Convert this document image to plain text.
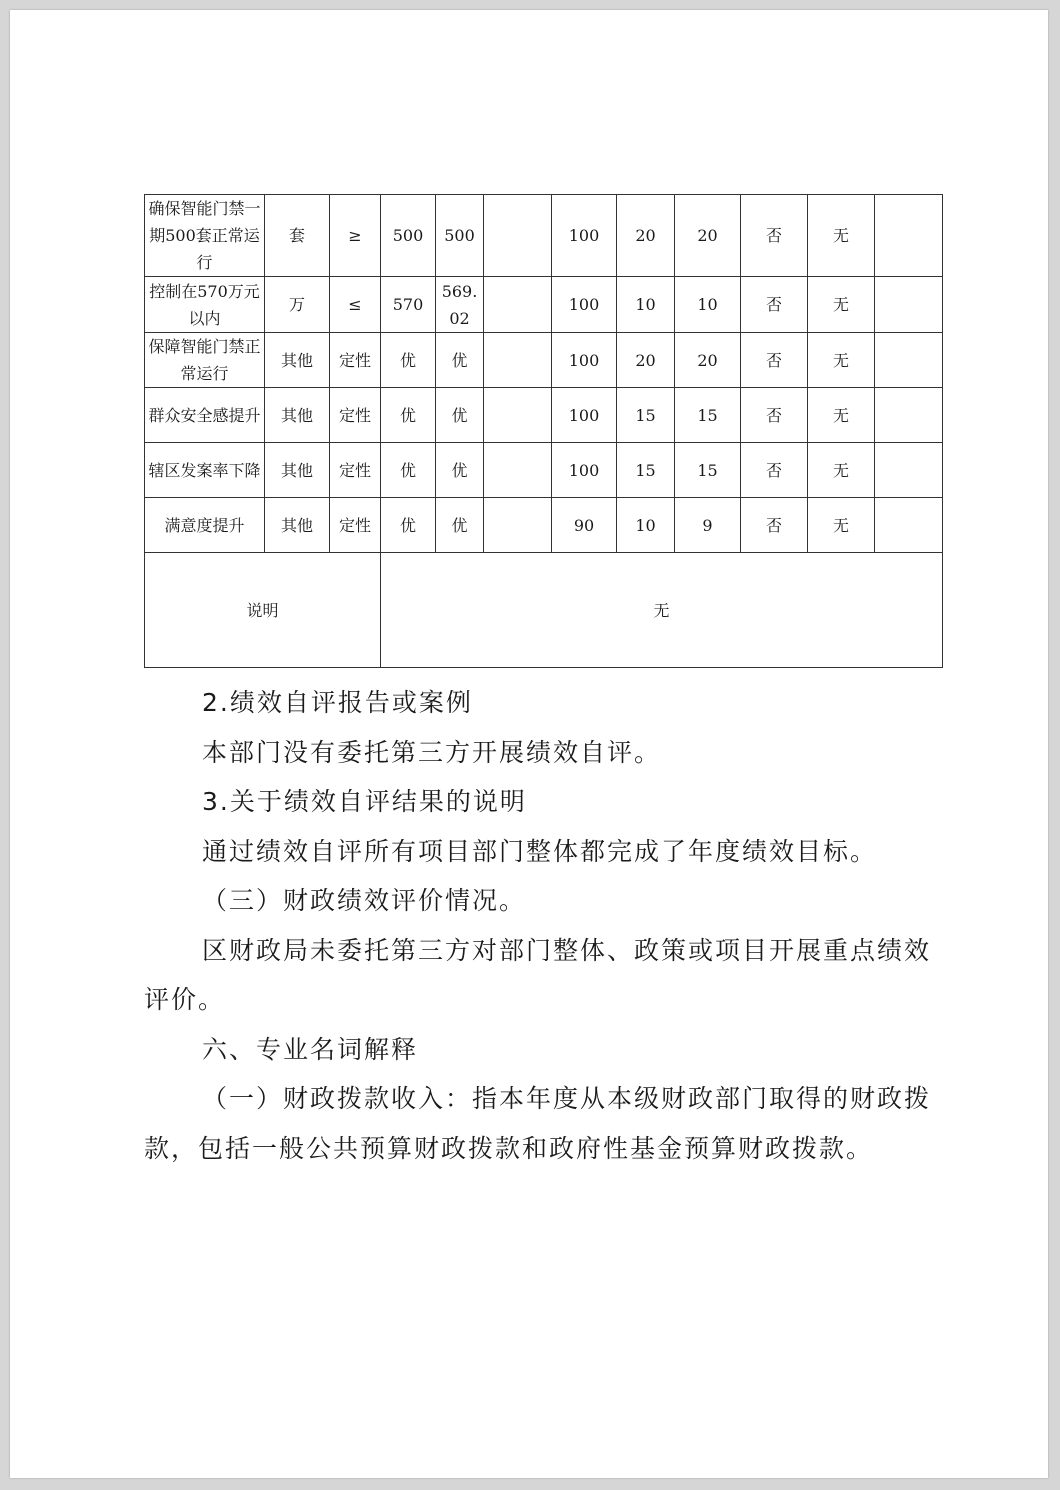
确保智能门禁一期500套正常运行	套	≥	500	500		100	20	20	否	无	
控制在570万元以内	万	≤	570	569.02		100	10	10	否	无	
保障智能门禁正常运行	其他	定性	优	优		100	20	20	否	无	
群众安全感提升	其他	定性	优	优		100	15	15	否	无	
辖区发案率下降	其他	定性	优	优		100	15	15	否	无	
满意度提升	其他	定性	优	优		90	10	9	否	无	
说明			无								

2.绩效自评报告或案例

本部门没有委托第三方开展绩效自评。

3.关于绩效自评结果的说明

通过绩效自评所有项目部门整体都完成了年度绩效目标。

（三）财政绩效评价情况。

区财政局未委托第三方对部门整体、政策或项目开展重点绩效评价。

六、专业名词解释

（一）财政拨款收入：指本年度从本级财政部门取得的财政拨款，包括一般公共预算财政拨款和政府性基金预算财政拨款。
